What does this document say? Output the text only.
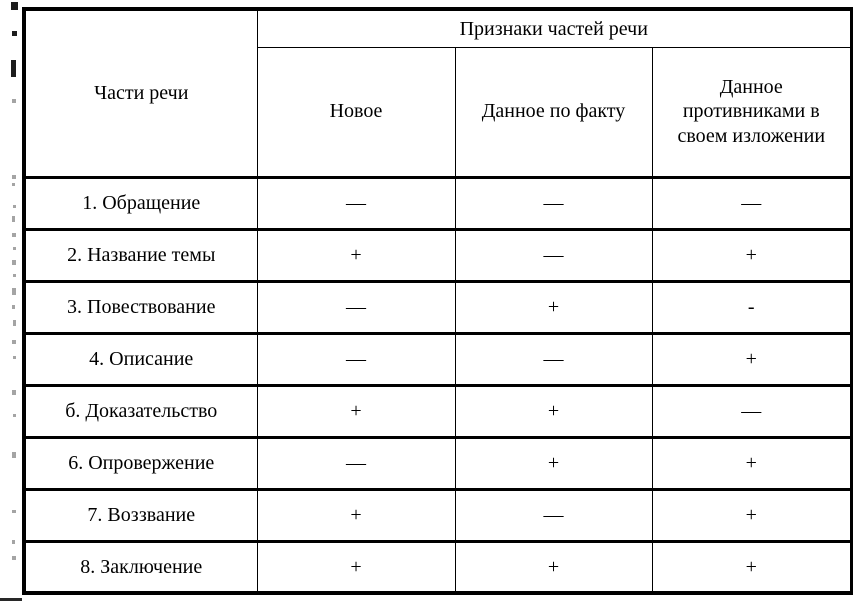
Части речи	Признаки частей речи		
	Новое	Данное по факту	Данное противниками в своем изложении
1. Обращение	—	—	—
2. Название темы	+	—	+
3. Повествование	—	+	-
4. Описание	—	—	+
б. Доказательство	+	+	—
6. Опровержение	—	+	+
7. Воззвание	+	—	+
8. Заключение	+	+	+
